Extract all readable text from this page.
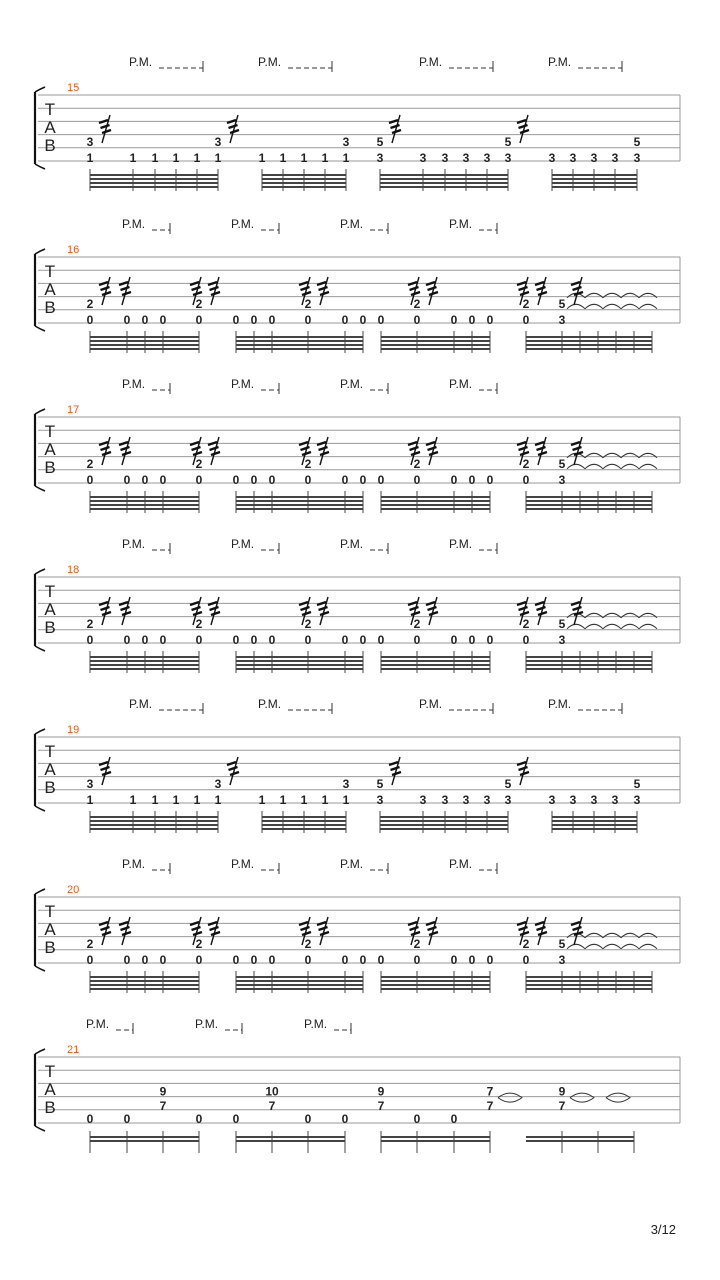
T
A
B
15
P.M.	P.M.	P.M.	P.M.
3
1	1 1 1 1
3
1	1 1 1 1
3
1
5
3	3 3 3 3
5
3	3 3 3 3
5
3
T
A
B
16
P.M.	P.M.	P.M.	P.M.
2
0	0 0 0
2
0	0 0 0
2
0	0 0 0
2
0	0 0 0
2
0
5
3
T
A
B
17
P.M.	P.M.	P.M.	P.M.
2
0	0 0 0
2
0	0 0 0
2
0	0 0 0
2
0	0 0 0
2
0
5
3
T
A
B
18
P.M.	P.M.	P.M.	P.M.
2
0	0 0 0
2
0	0 0 0
2
0	0 0 0
2
0	0 0 0
2
0
5
3
T
A
B
19
P.M.	P.M.	P.M.	P.M.
3
1	1 1 1 1
3
1	1 1 1 1
3
1
5
3	3 3 3 3
5
3	3 3 3 3
5
3
T
A
B
20
P.M.	P.M.	P.M.	P.M.
2
0	0 0 0
2
0	0 0 0
2
0	0 0 0
2
0	0 0 0
2
0
5
3
T
A
B
21
P.M.	P.M.	P.M.
0	0
9
7
0	0
10
7
0	0
9
7
0	0
7
7
9
7
3/12
